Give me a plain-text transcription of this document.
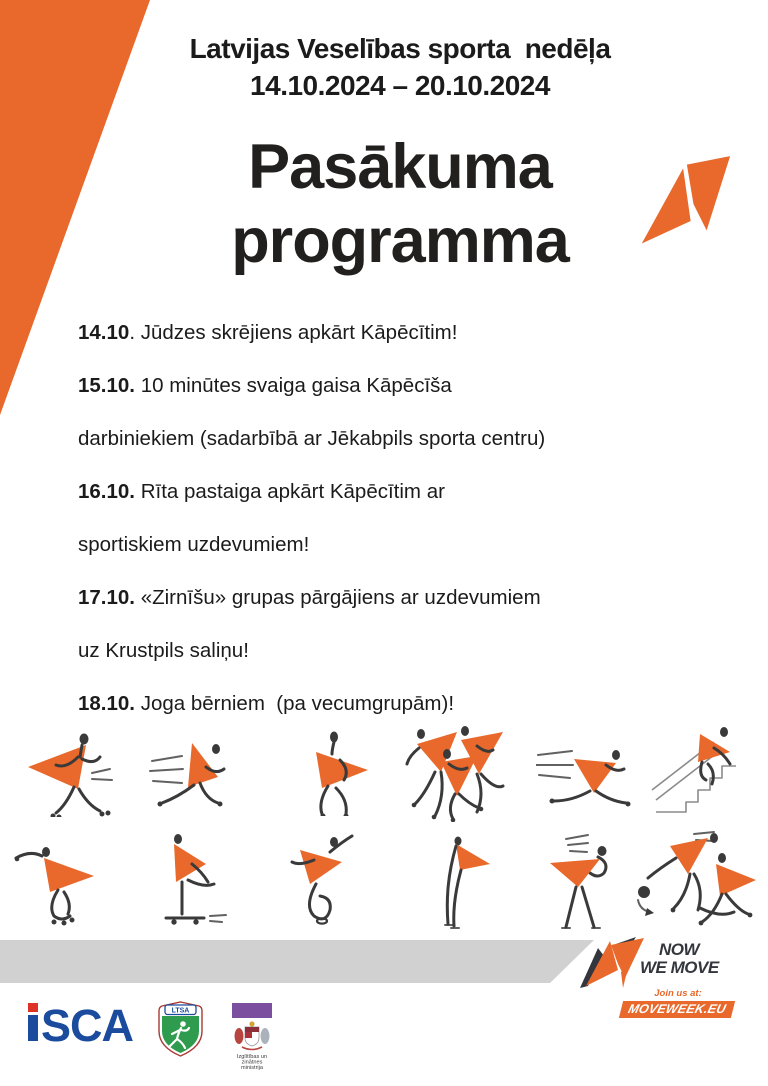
Latvijas Veselības sporta  nedēļa
14.10.2024 – 20.10.2024
Pasākuma
programma
14.10. Jūdzes skrējiens apkārt Kāpēcītim!
15.10. 10 minūtes svaiga gaisa Kāpēcīša
darbiniekiem (sadarbībā ar Jēkabpils sporta centru)
16.10. Rīta pastaiga apkārt Kāpēcītim ar
sportiskiem uzdevumiem!
17.10. «Zirnīšu» grupas pārgājiens ar uzdevumiem
uz Krustpils saliņu!
18.10. Joga bērniem  (pa vecumgrupām)!
SCA	LTSA
Izglītības un zinātnes
ministrija
NOW
WE MOVE
Join us at:
MOVEWEEK.EU
